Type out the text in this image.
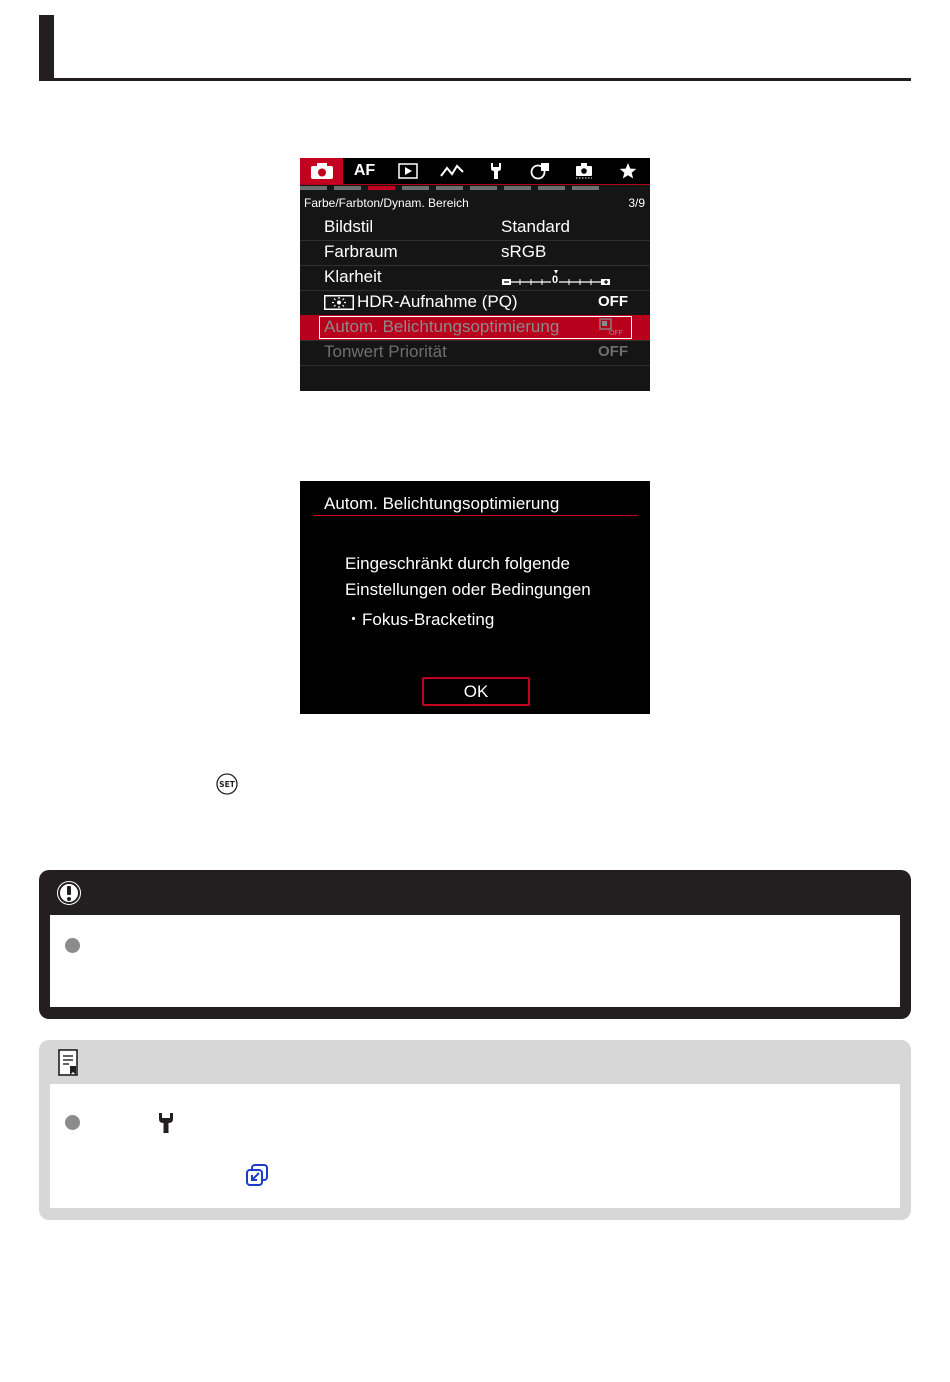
AF
Farbe/Farbton/Dynam. Bereich	3/9
Bildstil	Standard
Farbraum	sRGB
Klarheit	0
HDR-Aufnahme (PQ)	OFF
Autom. Belichtungsoptimierung	OFF
Tonwert Priorität	OFF
Autom. Belichtungsoptimierung
Eingeschränkt durch folgende
Einstellungen oder Bedingungen
・Fokus-Bracketing
OK
SET
